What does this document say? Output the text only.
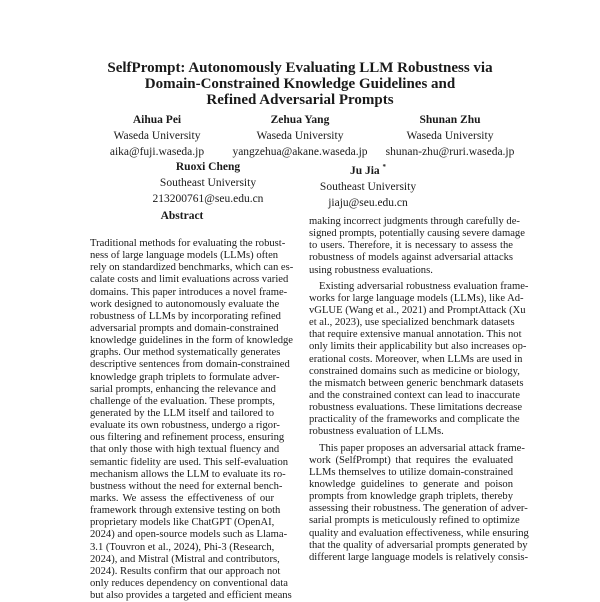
SelfPrompt: Autonomously Evaluating LLM Robustness via
Domain-Constrained Knowledge Guidelines and
Refined Adversarial Prompts
Aihua Pei
Waseda University
aika@fuji.waseda.jp
Zehua Yang
Waseda University
yangzehua@akane.waseda.jp
Shunan Zhu
Waseda University
shunan-zhu@ruri.waseda.jp
Ruoxi Cheng
Southeast University
213200761@seu.edu.cn
Ju Jia *
Southeast University
jiaju@seu.edu.cn
Abstract
Traditional methods for evaluating the robust-
ness of large language models (LLMs) often
rely on standardized benchmarks, which can es-
calate costs and limit evaluations across varied
domains. This paper introduces a novel frame-
work designed to autonomously evaluate the
robustness of LLMs by incorporating refined
adversarial prompts and domain-constrained
knowledge guidelines in the form of knowledge
graphs. Our method systematically generates
descriptive sentences from domain-constrained
knowledge graph triplets to formulate adver-
sarial prompts, enhancing the relevance and
challenge of the evaluation. These prompts,
generated by the LLM itself and tailored to
evaluate its own robustness, undergo a rigor-
ous filtering and refinement process, ensuring
that only those with high textual fluency and
semantic fidelity are used. This self-evaluation
mechanism allows the LLM to evaluate its ro-
bustness without the need for external bench-
marks. We assess the effectiveness of our
framework through extensive testing on both
proprietary models like ChatGPT (OpenAI,
2024) and open-source models such as Llama-
3.1 (Touvron et al., 2024), Phi-3 (Research,
2024), and Mistral (Mistral and contributors,
2024). Results confirm that our approach not
only reduces dependency on conventional data
but also provides a targeted and efficient means
making incorrect judgments through carefully de-
signed prompts, potentially causing severe damage
to users. Therefore, it is necessary to assess the
robustness of models against adversarial attacks
using robustness evaluations.
Existing adversarial robustness evaluation frame-
works for large language models (LLMs), like Ad-
vGLUE (Wang et al., 2021) and PromptAttack (Xu
et al., 2023), use specialized benchmark datasets
that require extensive manual annotation. This not
only limits their applicability but also increases op-
erational costs. Moreover, when LLMs are used in
constrained domains such as medicine or biology,
the mismatch between generic benchmark datasets
and the constrained context can lead to inaccurate
robustness evaluations. These limitations decrease
practicality of the frameworks and complicate the
robustness evaluation of LLMs.
This paper proposes an adversarial attack frame-
work (SelfPrompt) that requires the evaluated
LLMs themselves to utilize domain-constrained
knowledge guidelines to generate and poison
prompts from knowledge graph triplets, thereby
assessing their robustness. The generation of adver-
sarial prompts is meticulously refined to optimize
quality and evaluation effectiveness, while ensuring
that the quality of adversarial prompts generated by
different large language models is relatively consis-
